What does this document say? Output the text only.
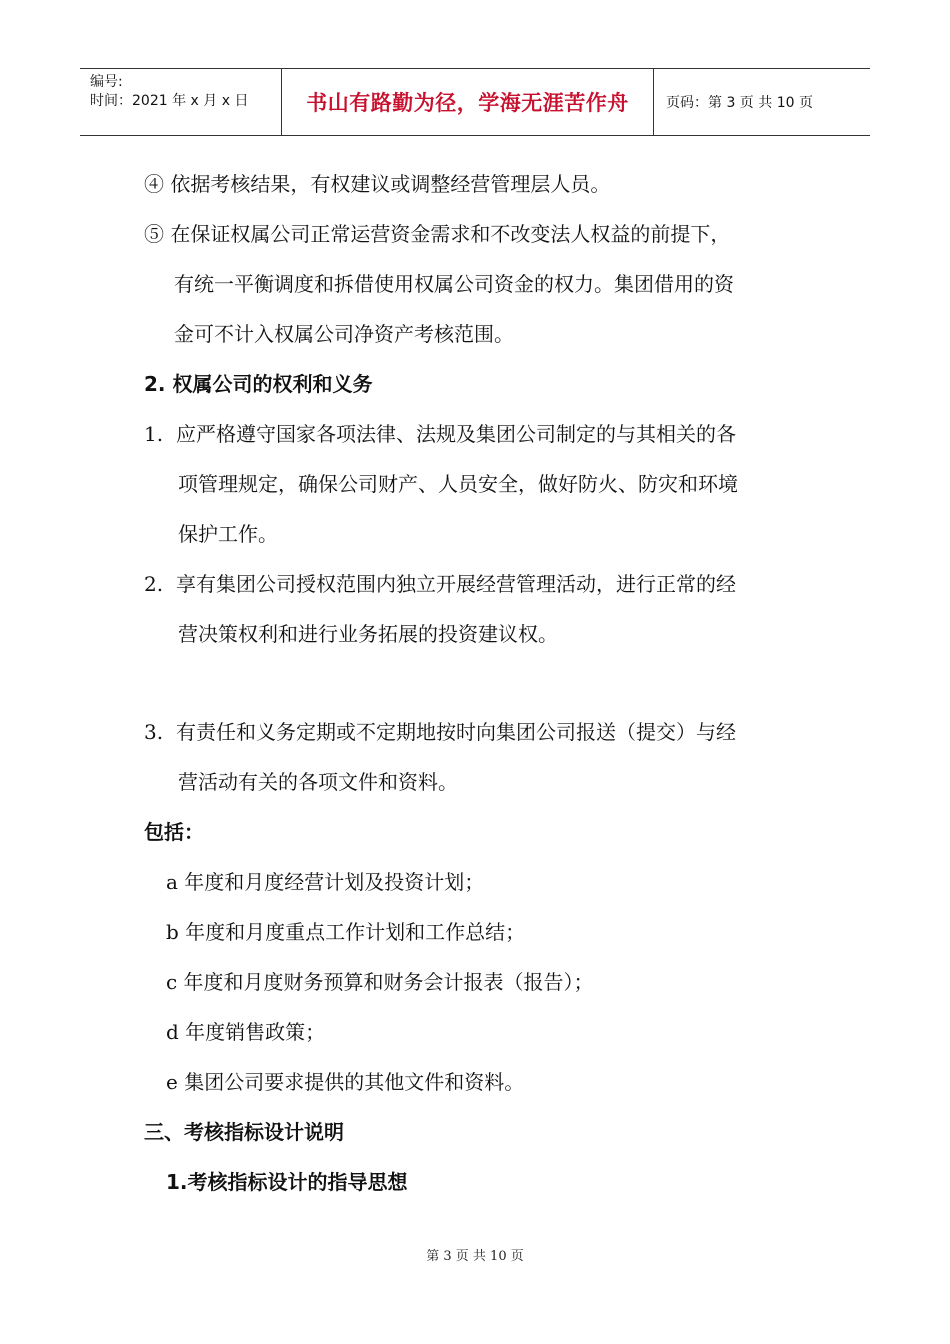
编号:
时间：2021 年 x 月 x 日	书山有路勤为径，学海无涯苦作舟	页码：第 3 页 共 10 页
④ 依据考核结果，有权建议或调整经营管理层人员。
⑤ 在保证权属公司正常运营资金需求和不改变法人权益的前提下，
有统一平衡调度和拆借使用权属公司资金的权力。集团借用的资
金可不计入权属公司净资产考核范围。
2. 权属公司的权利和义务
1. 应严格遵守国家各项法律、法规及集团公司制定的与其相关的各
项管理规定，确保公司财产、人员安全，做好防火、防灾和环境
保护工作。
2. 享有集团公司授权范围内独立开展经营管理活动，进行正常的经
营决策权利和进行业务拓展的投资建议权。
3. 有责任和义务定期或不定期地按时向集团公司报送（提交）与经
营活动有关的各项文件和资料。
包括：
a 年度和月度经营计划及投资计划；
b 年度和月度重点工作计划和工作总结；
c 年度和月度财务预算和财务会计报表（报告）；
d 年度销售政策；
e 集团公司要求提供的其他文件和资料。
三、考核指标设计说明
1.考核指标设计的指导思想
第 3 页 共 10 页
